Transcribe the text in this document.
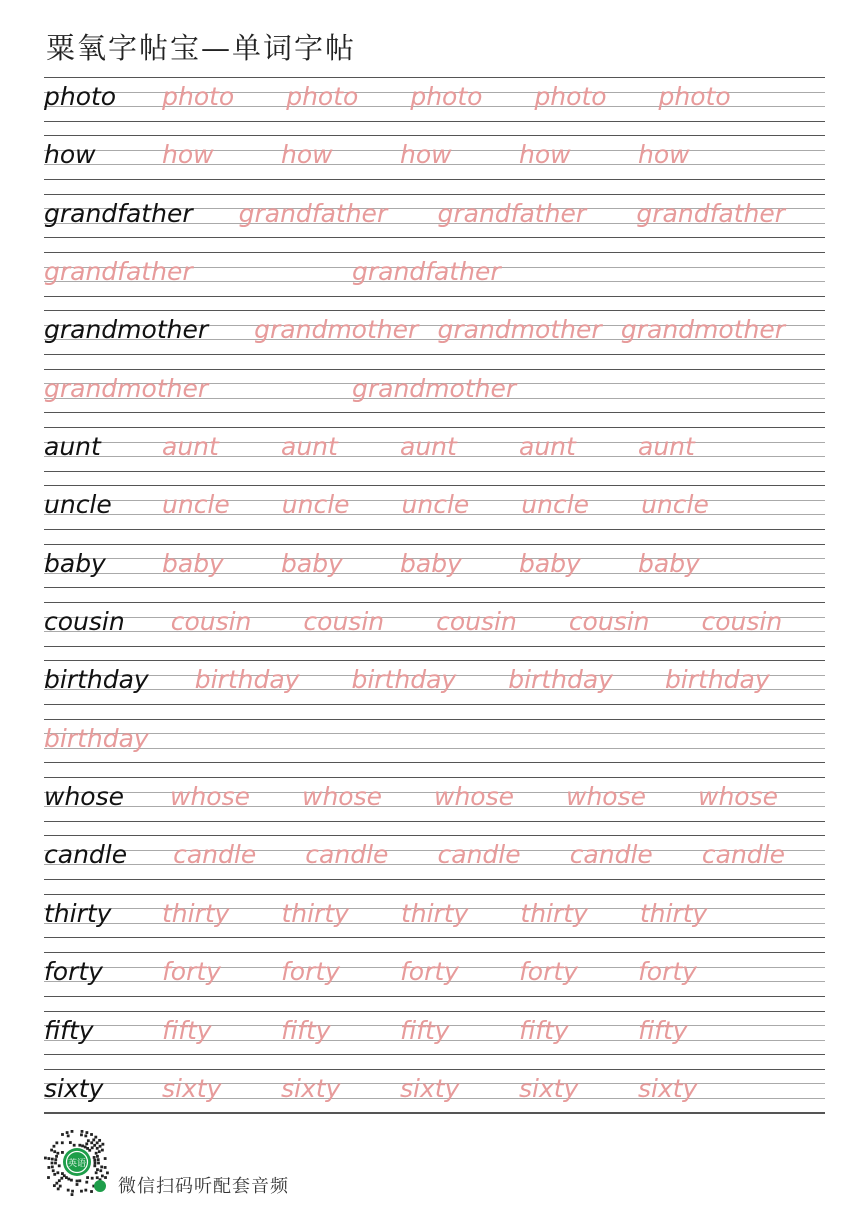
粟氧字帖宝—单词字帖
photo photo photo photo photo photo
how	how	how	how	how	how
grandfather grandfather grandfather grandfather
grandfather	grandfather
grandmother grandmother grandmother grandmother
grandmother	grandmother
aunt aunt aunt aunt aunt aunt
uncle uncle uncle uncle uncle uncle
baby baby baby baby baby baby
cousin cousin cousin cousin cousin cousin
birthday birthday birthday birthday birthday
birthday
whose whose whose whose whose whose
candle candle candle candle candle candle
thirty thirty thirty thirty thirty thirty
forty forty forty forty forty forty
fifty	fifty	fifty	fifty	fifty	fifty
sixty sixty sixty sixty sixty sixty
英语
微信扫码听配套音频
